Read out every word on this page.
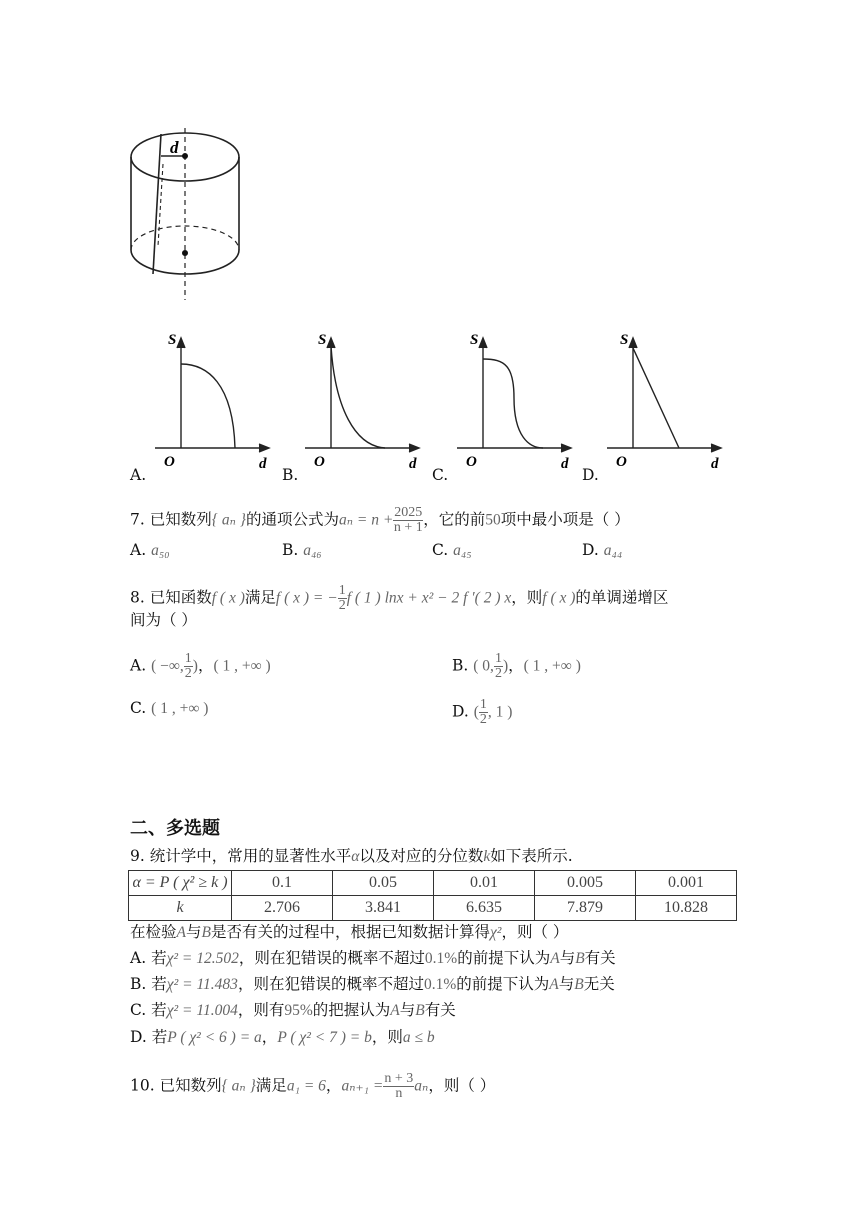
d
S
O	d
A.
S
O	d
B.
S
O	d
C.
S
O	d
D.
7. 已知数列{ aₙ }的通项公式为$a_n = n + \frac{2025}{n + 1}$ ，它的前50项中最小项是（ ）
A. a₅₀	B. a₄₆	C. a₄₅	D. a₄₄
8. 已知函数f ( x )满足f ( x ) = − $\frac{1}{2}$ f ( 1 ) lnx + x² − 2 f ′( 2 ) x，则f ( x )的单调递增区
间为（ ）
A. ( −∞, $\frac{1}{2}$ )，( 1 , +∞ )	B. ( 0, $\frac{1}{2}$ )，( 1 , +∞ )
C. ( 1 , +∞ )	D. ( $\frac{1}{2}$ , 1 )
二、多选题
9. 统计学中，常用的显著性水平α以及对应的分位数k如下表所示.
α = P ( χ² ≥ k )	0.1	0.05	0.01	0.005	0.001
k	2.706	3.841	6.635	7.879	10.828
在检验A与B是否有关的过程中，根据已知数据计算得χ²，则（ ）
A. 若χ² = 12.502，则在犯错误的概率不超过0.1%的前提下认为A与B有关
B. 若χ² = 11.483，则在犯错误的概率不超过0.1%的前提下认为A与B无关
C. 若χ² = 11.004，则有95%的把握认为A与B有关
D. 若P ( χ² < 6 ) = a，P ( χ² < 7 ) = b，则a ≤ b
10. 已知数列{ aₙ }满足a₁ = 6，$a_{n+1} = \frac{n + 3}{n}$ aₙ，则（ ）
